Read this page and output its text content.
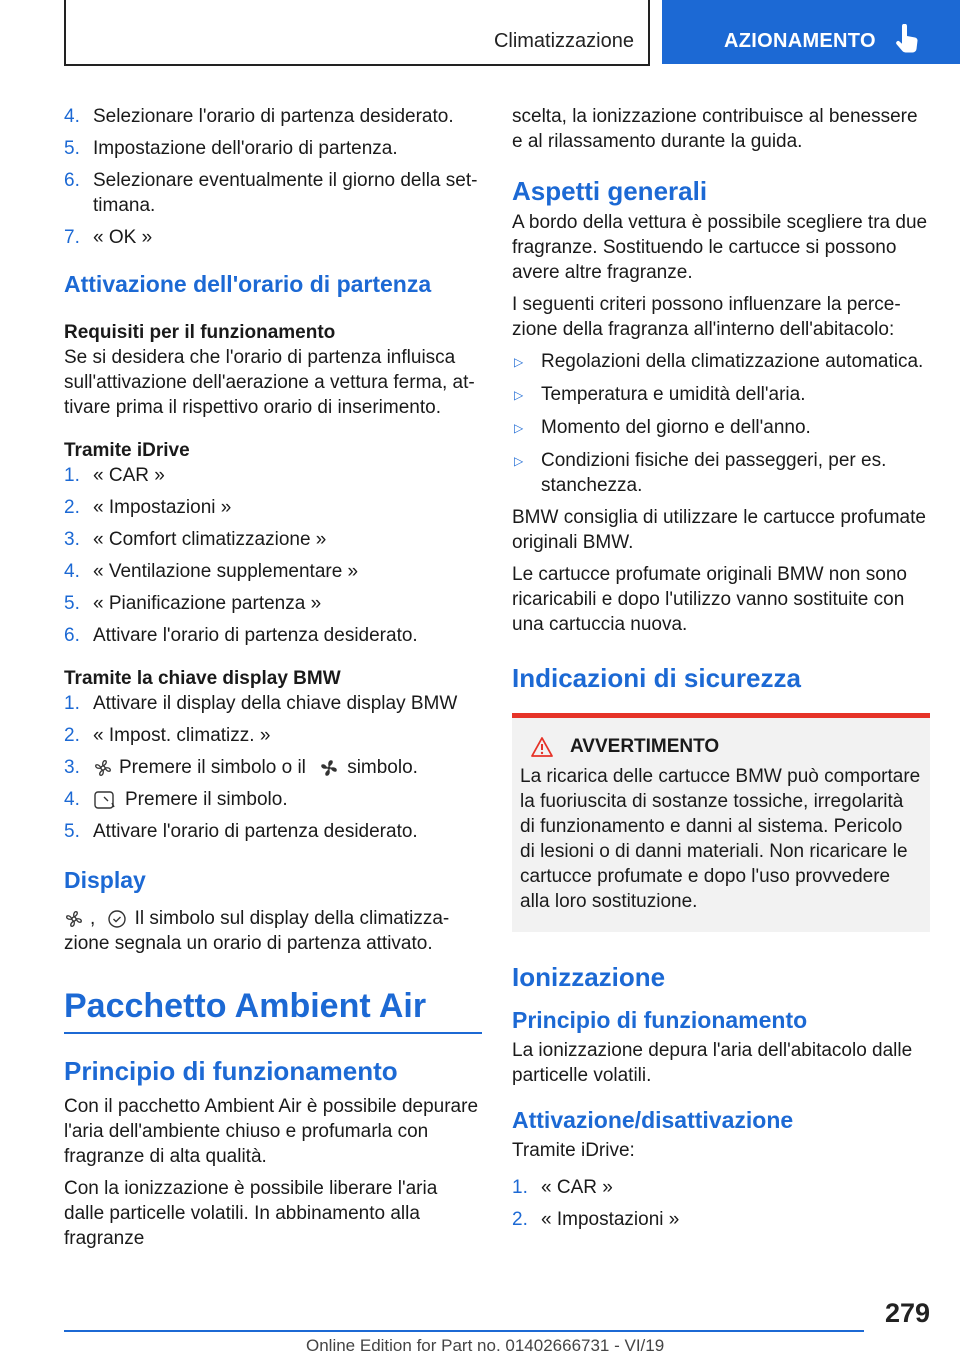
Climatizzazione	AZIONAMENTO
4. Selezionare l'orario di partenza desiderato.
5. Impostazione dell'orario di partenza.
6. Selezionare eventualmente il giorno della settimana.
7. « OK »
Attivazione dell'orario di partenza
Requisiti per il funzionamento

Se si desidera che l'orario di partenza influisca sull'attivazione dell'aerazione a vettura ferma, attivare prima il rispettivo orario di inserimento.

Tramite iDrive
1. « CAR »
2. « Impostazioni »
3. « Comfort climatizzazione »
4. « Ventilazione supplementare »
5. « Pianificazione partenza »
6. Attivare l'orario di partenza desiderato.
Tramite la chiave display BMW
1. Attivare il display della chiave display BMW
2. « Impost. climatizz. »
3.	Premere il simbolo o il simbolo.
4.	Premere il simbolo.
5. Attivare l'orario di partenza desiderato.
Display

, Il simbolo sul display della climatizzazione segnala un orario di partenza attivato.

Pacchetto Ambient Air
Principio di funzionamento

Con il pacchetto Ambient Air è possibile depurare l'aria dell'ambiente chiuso e profumarla con fragranze di alta qualità.

Con la ionizzazione è possibile liberare l'aria dalle particelle volatili. In abbinamento alla fragranze

scelta, la ionizzazione contribuisce al benessere e al rilassamento durante la guida.

Aspetti generali

A bordo della vettura è possibile scegliere tra due fragranze. Sostituendo le cartucce si possono avere altre fragranze.

I seguenti criteri possono influenzare la percezione della fragranza all'interno dell'abitacolo:

▷ Regolazioni della climatizzazione automatica.
▷ Temperatura e umidità dell'aria.
▷ Momento del giorno e dell'anno.
▷ Condizioni fisiche dei passeggeri, per es. stanchezza.

BMW consiglia di utilizzare le cartucce profumate originali BMW.

Le cartucce profumate originali BMW non sono ricaricabili e dopo l'utilizzo vanno sostituite con una cartuccia nuova.

Indicazioni di sicurezza
AVVERTIMENTO

La ricarica delle cartucce BMW può comportare la fuoriuscita di sostanze tossiche, irregolarità di funzionamento e danni al sistema. Pericolo di lesioni o di danni materiali. Non ricaricare le cartucce profumate e dopo l'uso provvedere alla loro sostituzione.

Ionizzazione
Principio di funzionamento

La ionizzazione depura l'aria dell'abitacolo dalle particelle volatili.

Attivazione/disattivazione

Tramite iDrive:

1. « CAR »
2. « Impostazioni »
279
Online Edition for Part no. 01402666731 - VI/19
